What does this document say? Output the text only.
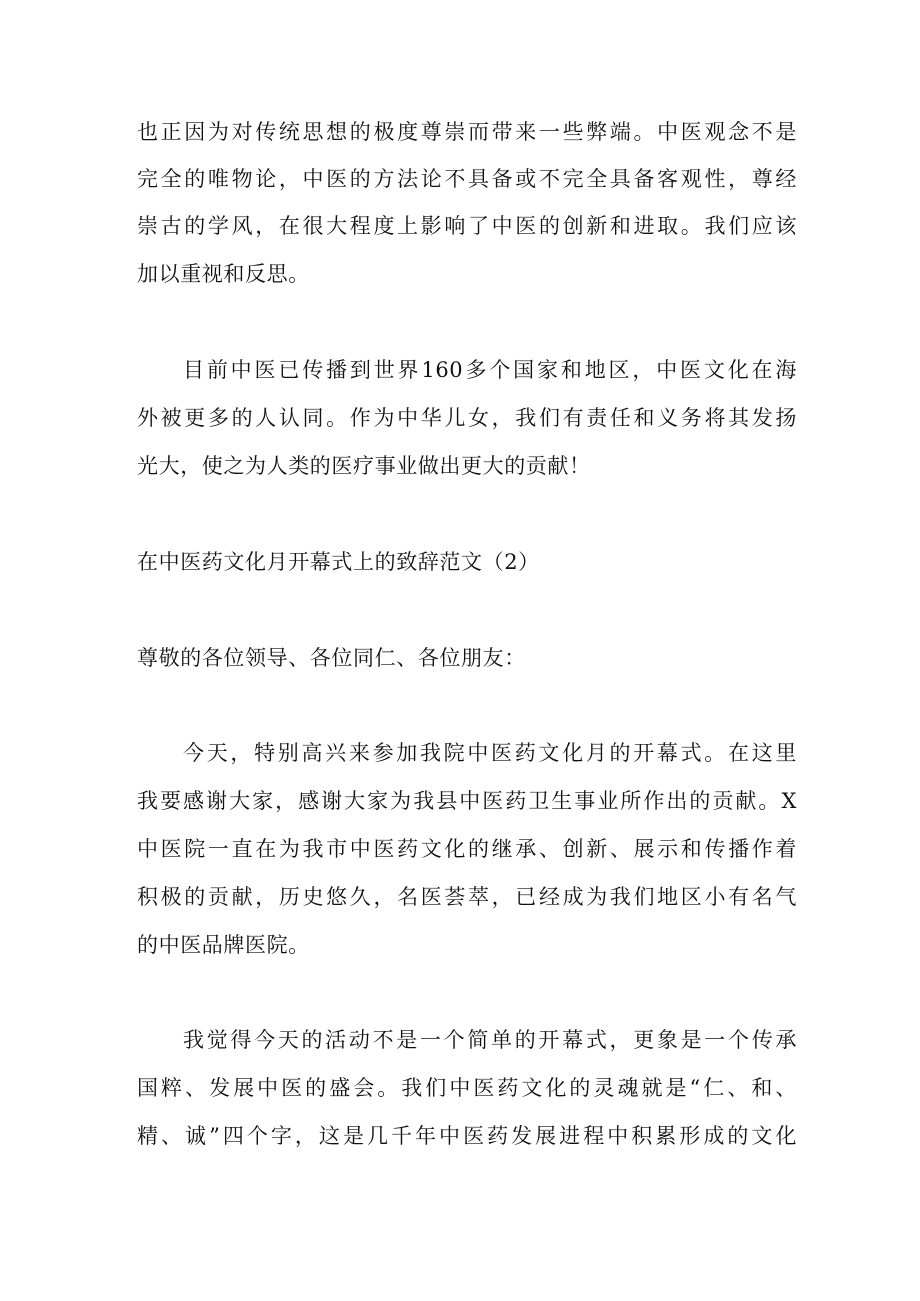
也正因为对传统思想的极度尊崇而带来一些弊端。中医观念不是
完全的唯物论，中医的方法论不具备或不完全具备客观性，尊经
崇古的学风，在很大程度上影响了中医的创新和进取。我们应该
加以重视和反思。
目前中医已传播到世界160多个国家和地区，中医文化在海
外被更多的人认同。作为中华儿女，我们有责任和义务将其发扬
光大，使之为人类的医疗事业做出更大的贡献！
在中医药文化月开幕式上的致辞范文（2）
尊敬的各位领导、各位同仁、各位朋友：
今天，特别高兴来参加我院中医药文化月的开幕式。在这里
我要感谢大家，感谢大家为我县中医药卫生事业所作出的贡献。X
中医院一直在为我市中医药文化的继承、创新、展示和传播作着
积极的贡献，历史悠久，名医荟萃，已经成为我们地区小有名气
的中医品牌医院。
我觉得今天的活动不是一个简单的开幕式，更象是一个传承
国粹、发展中医的盛会。我们中医药文化的灵魂就是“仁、和、
精、诚”四个字，这是几千年中医药发展进程中积累形成的文化
